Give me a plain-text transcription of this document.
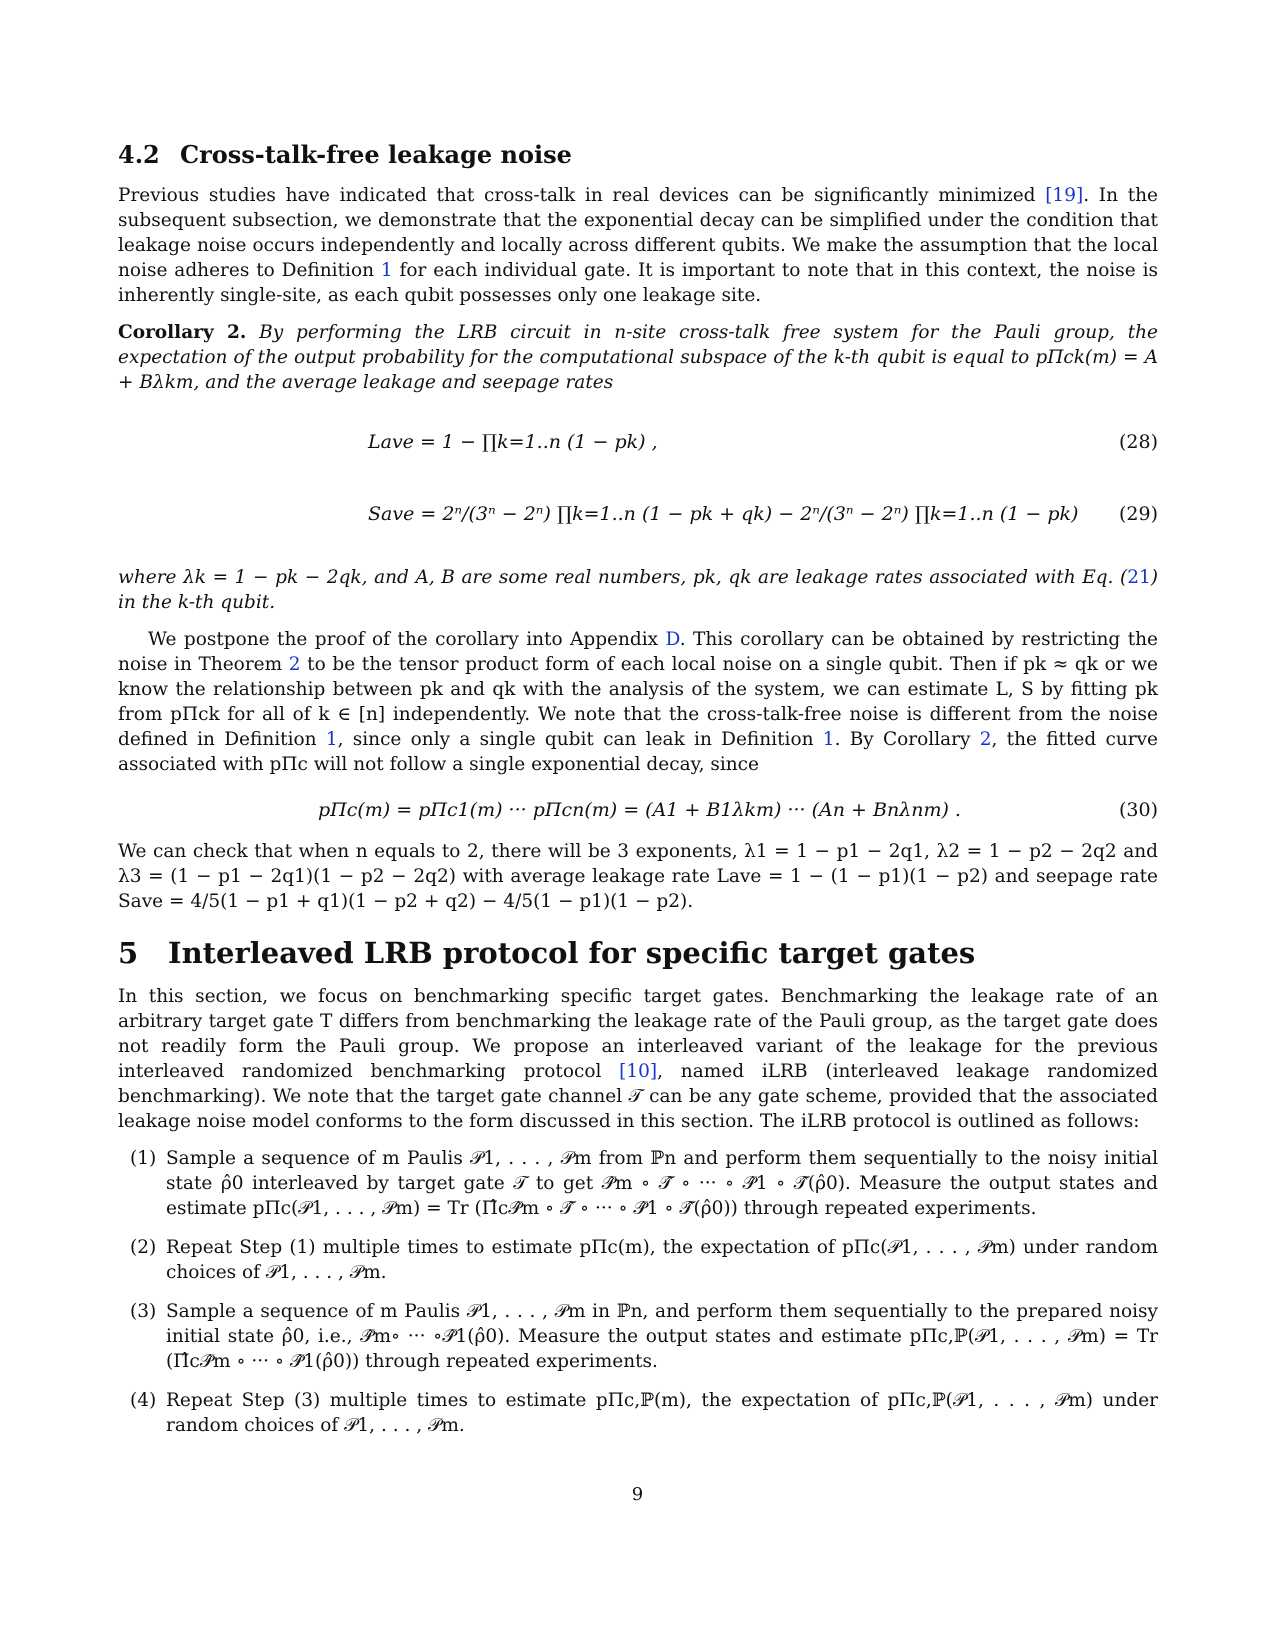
4.2 Cross-talk-free leakage noise

Previous studies have indicated that cross-talk in real devices can be significantly minimized [19]. In the subsequent subsection, we demonstrate that the exponential decay can be simplified under the condition that leakage noise occurs independently and locally across different qubits. We make the assumption that the local noise adheres to Definition 1 for each individual gate. It is important to note that in this context, the noise is inherently single-site, as each qubit possesses only one leakage site.

Corollary 2. By performing the LRB circuit in n-site cross-talk free system for the Pauli group, the expectation of the output probability for the computational subspace of the k-th qubit is equal to pΠck(m) = A + Bλkm, and the average leakage and seepage rates

Lave = 1 − ∏k=1..n (1 − pk) ,	(28)
Save = 2ⁿ/(3ⁿ − 2ⁿ) ∏k=1..n (1 − pk + qk) − 2ⁿ/(3ⁿ − 2ⁿ) ∏k=1..n (1 − pk) (29)

where λk = 1 − pk − 2qk, and A, B are some real numbers, pk, qk are leakage rates associated with Eq. (21) in the k-th qubit.

We postpone the proof of the corollary into Appendix D. This corollary can be obtained by restricting the noise in Theorem 2 to be the tensor product form of each local noise on a single qubit. Then if pk ≈ qk or we know the relationship between pk and qk with the analysis of the system, we can estimate L, S by fitting pk from pΠck for all of k ∈ [n] independently. We note that the cross-talk-free noise is different from the noise defined in Definition 1, since only a single qubit can leak in Definition 1. By Corollary 2, the fitted curve associated with pΠc will not follow a single exponential decay, since

pΠc(m) = pΠc1(m) ··· pΠcn(m) = (A1 + B1λkm) ··· (An + Bnλnm) .	(30)

We can check that when n equals to 2, there will be 3 exponents, λ1 = 1 − p1 − 2q1, λ2 = 1 − p2 − 2q2 and λ3 = (1 − p1 − 2q1)(1 − p2 − 2q2) with average leakage rate Lave = 1 − (1 − p1)(1 − p2) and seepage rate Save = 4/5(1 − p1 + q1)(1 − p2 + q2) − 4/5(1 − p1)(1 − p2).

5 Interleaved LRB protocol for specific target gates

In this section, we focus on benchmarking specific target gates. Benchmarking the leakage rate of an arbitrary target gate T differs from benchmarking the leakage rate of the Pauli group, as the target gate does not readily form the Pauli group. We propose an interleaved variant of the leakage for the previous interleaved randomized benchmarking protocol [10], named iLRB (interleaved leakage randomized benchmarking). We note that the target gate channel 𝒯 can be any gate scheme, provided that the associated leakage noise model conforms to the form discussed in this section. The iLRB protocol is outlined as follows:

(1) Sample a sequence of m Paulis 𝒫1, . . . , 𝒫m from ℙn and perform them sequentially to the noisy initial state ρ̂0 interleaved by target gate 𝒯 to get 𝒫̂m ∘ 𝒯̂ ∘ ··· ∘ 𝒫̂1 ∘ 𝒯̂(ρ̂0). Measure the output states and estimate pΠc(𝒫1, . . . , 𝒫m) = Tr (Π̂c𝒫̂m ∘ 𝒯̂ ∘ ··· ∘ 𝒫̂1 ∘ 𝒯̂(ρ̂0)) through repeated experiments.
(2) Repeat Step (1) multiple times to estimate pΠc(m), the expectation of pΠc(𝒫1, . . . , 𝒫m) under random choices of 𝒫1, . . . , 𝒫m.
(3) Sample a sequence of m Paulis 𝒫1, . . . , 𝒫m in ℙn, and perform them sequentially to the prepared noisy initial state ρ̂0, i.e., 𝒫̂m∘ ··· ∘𝒫̂1(ρ̂0). Measure the output states and estimate pΠc,ℙ(𝒫1, . . . , 𝒫m) = Tr (Π̂c𝒫̂m ∘ ··· ∘ 𝒫̂1(ρ̂0)) through repeated experiments.
(4) Repeat Step (3) multiple times to estimate pΠc,ℙ(m), the expectation of pΠc,ℙ(𝒫1, . . . , 𝒫m) under random choices of 𝒫1, . . . , 𝒫m.
9
